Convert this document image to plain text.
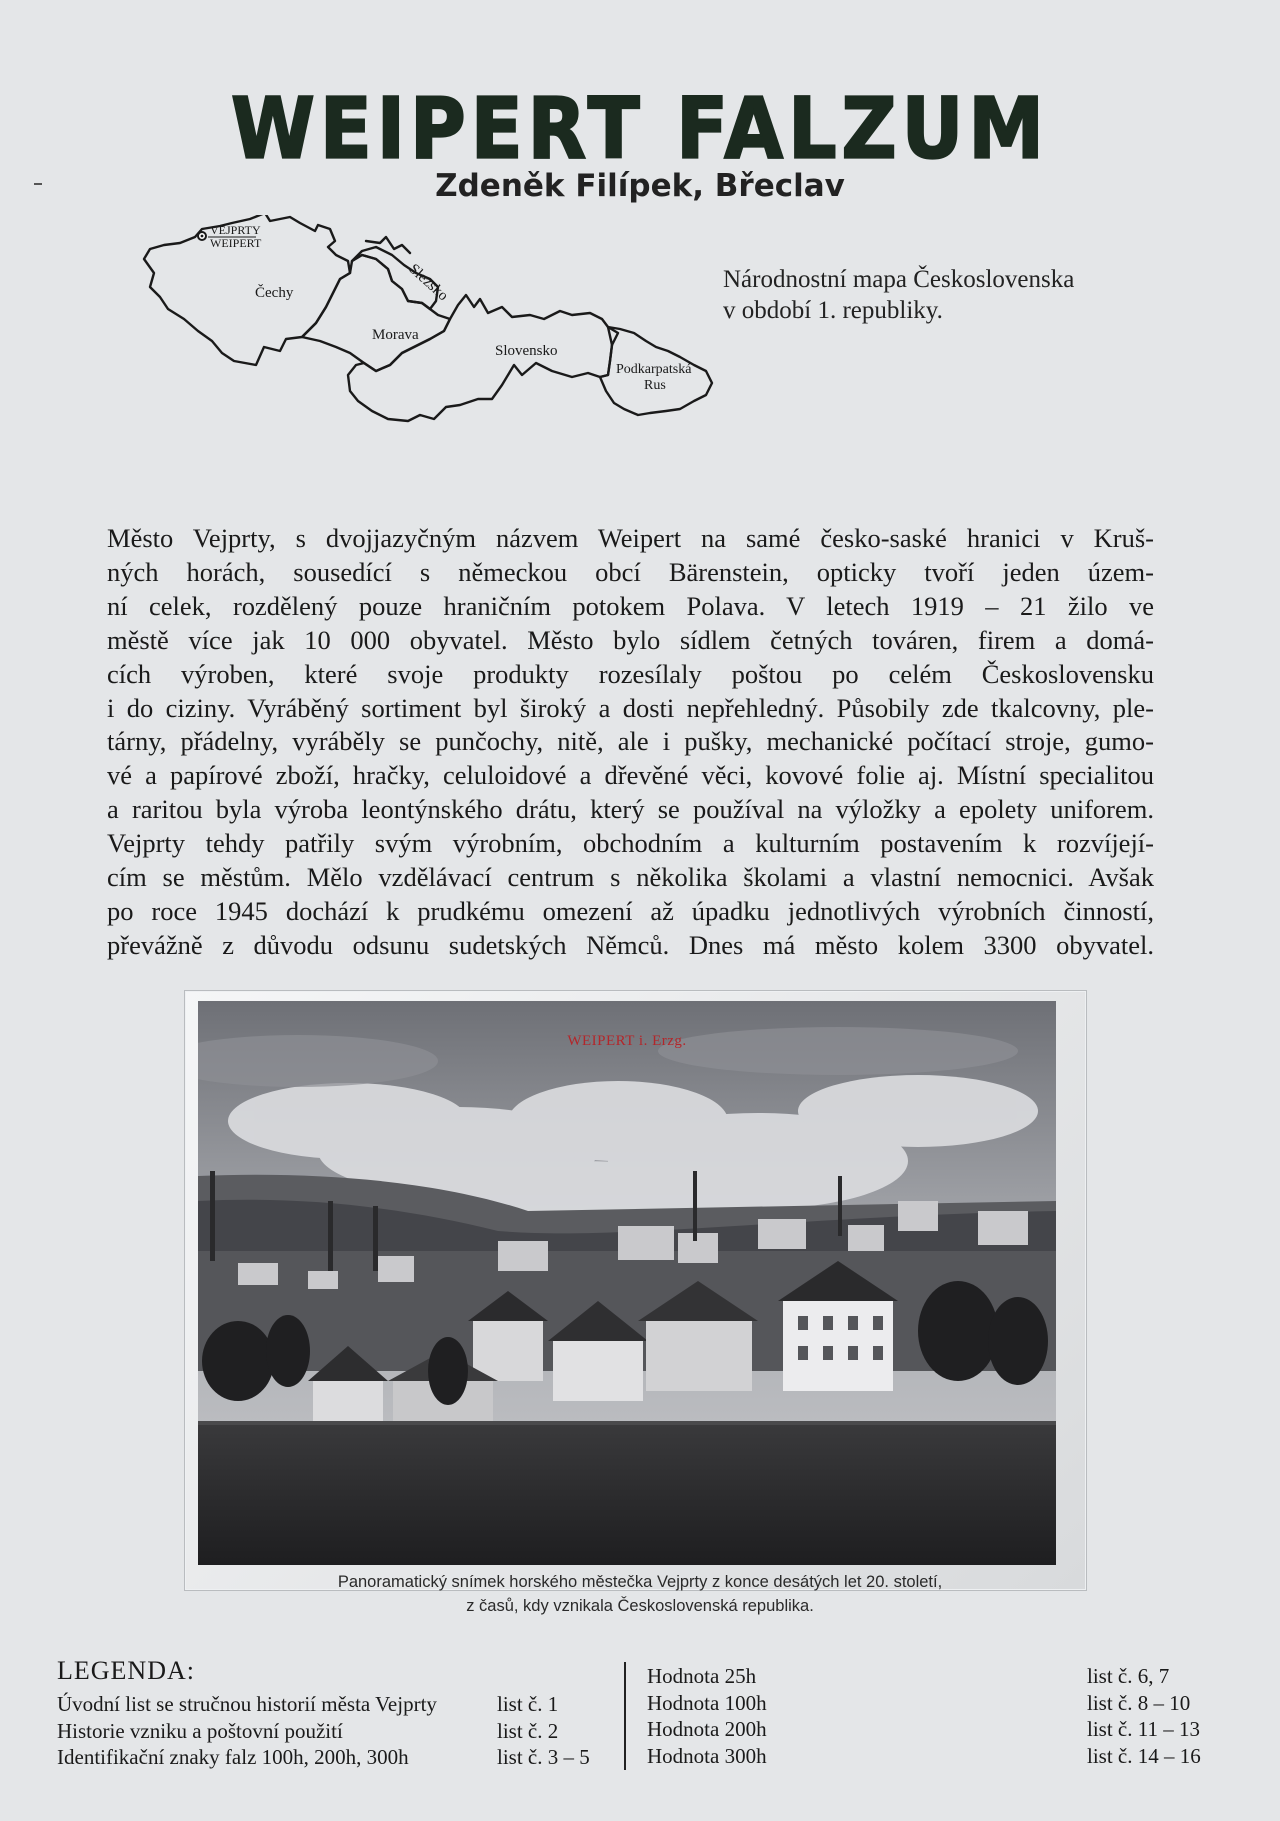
WEIPERT FALZUM
Zdeněk Filípek, Břeclav
VEJPRTY
WEIPERT
Čechy
Morava
Slezsko
Slovensko
Podkarpatská
Rus
Národnostní mapa Československa
v období 1. republiky.
Město Vejprty, s dvojjazyčným názvem Weipert na samé česko-saské hranici v Kruš-
ných horách, sousedící s německou obcí Bärenstein, opticky tvoří jeden územ-
ní celek, rozdělený pouze hraničním potokem Polava. V letech 1919 – 21 žilo ve
městě více jak 10 000 obyvatel. Město bylo sídlem četných továren, firem a domá-
cích výroben, které svoje produkty rozesílaly poštou po celém Československu
i do ciziny. Vyráběný sortiment byl široký a dosti nepřehledný. Působily zde tkalcovny, ple-
tárny, přádelny, vyráběly se punčochy, nitě, ale i pušky, mechanické počítací stroje, gumo-
vé a papírové zboží, hračky, celuloidové a dřevěné věci, kovové folie aj. Místní specialitou
a raritou byla výroba leontýnského drátu, který se používal na výložky a epolety uniforem.
Vejprty tehdy patřily svým výrobním, obchodním a kulturním postavením k rozvíjejí-
cím se městům. Mělo vzdělávací centrum s několika školami a vlastní nemocnici. Avšak
po roce 1945 dochází k prudkému omezení až úpadku jednotlivých výrobních činností,
převážně z důvodu odsunu sudetských Němců. Dnes má město kolem 3300 obyvatel.
WEIPERT i. Erzg.
Panoramatický snímek horského městečka Vejprty z konce desátých let 20. století,
z časů, kdy vznikala Československá republika.
LEGENDA:
Úvodní list se stručnou historií města Vejprty	list č. 1
Historie vzniku a poštovní použití	list č. 2
Identifikační znaky falz 100h, 200h, 300h	list č. 3 – 5
Hodnota 25h	list č. 6, 7
Hodnota 100h	list č. 8 – 10
Hodnota 200h	list č. 11 – 13
Hodnota 300h	list č. 14 – 16
